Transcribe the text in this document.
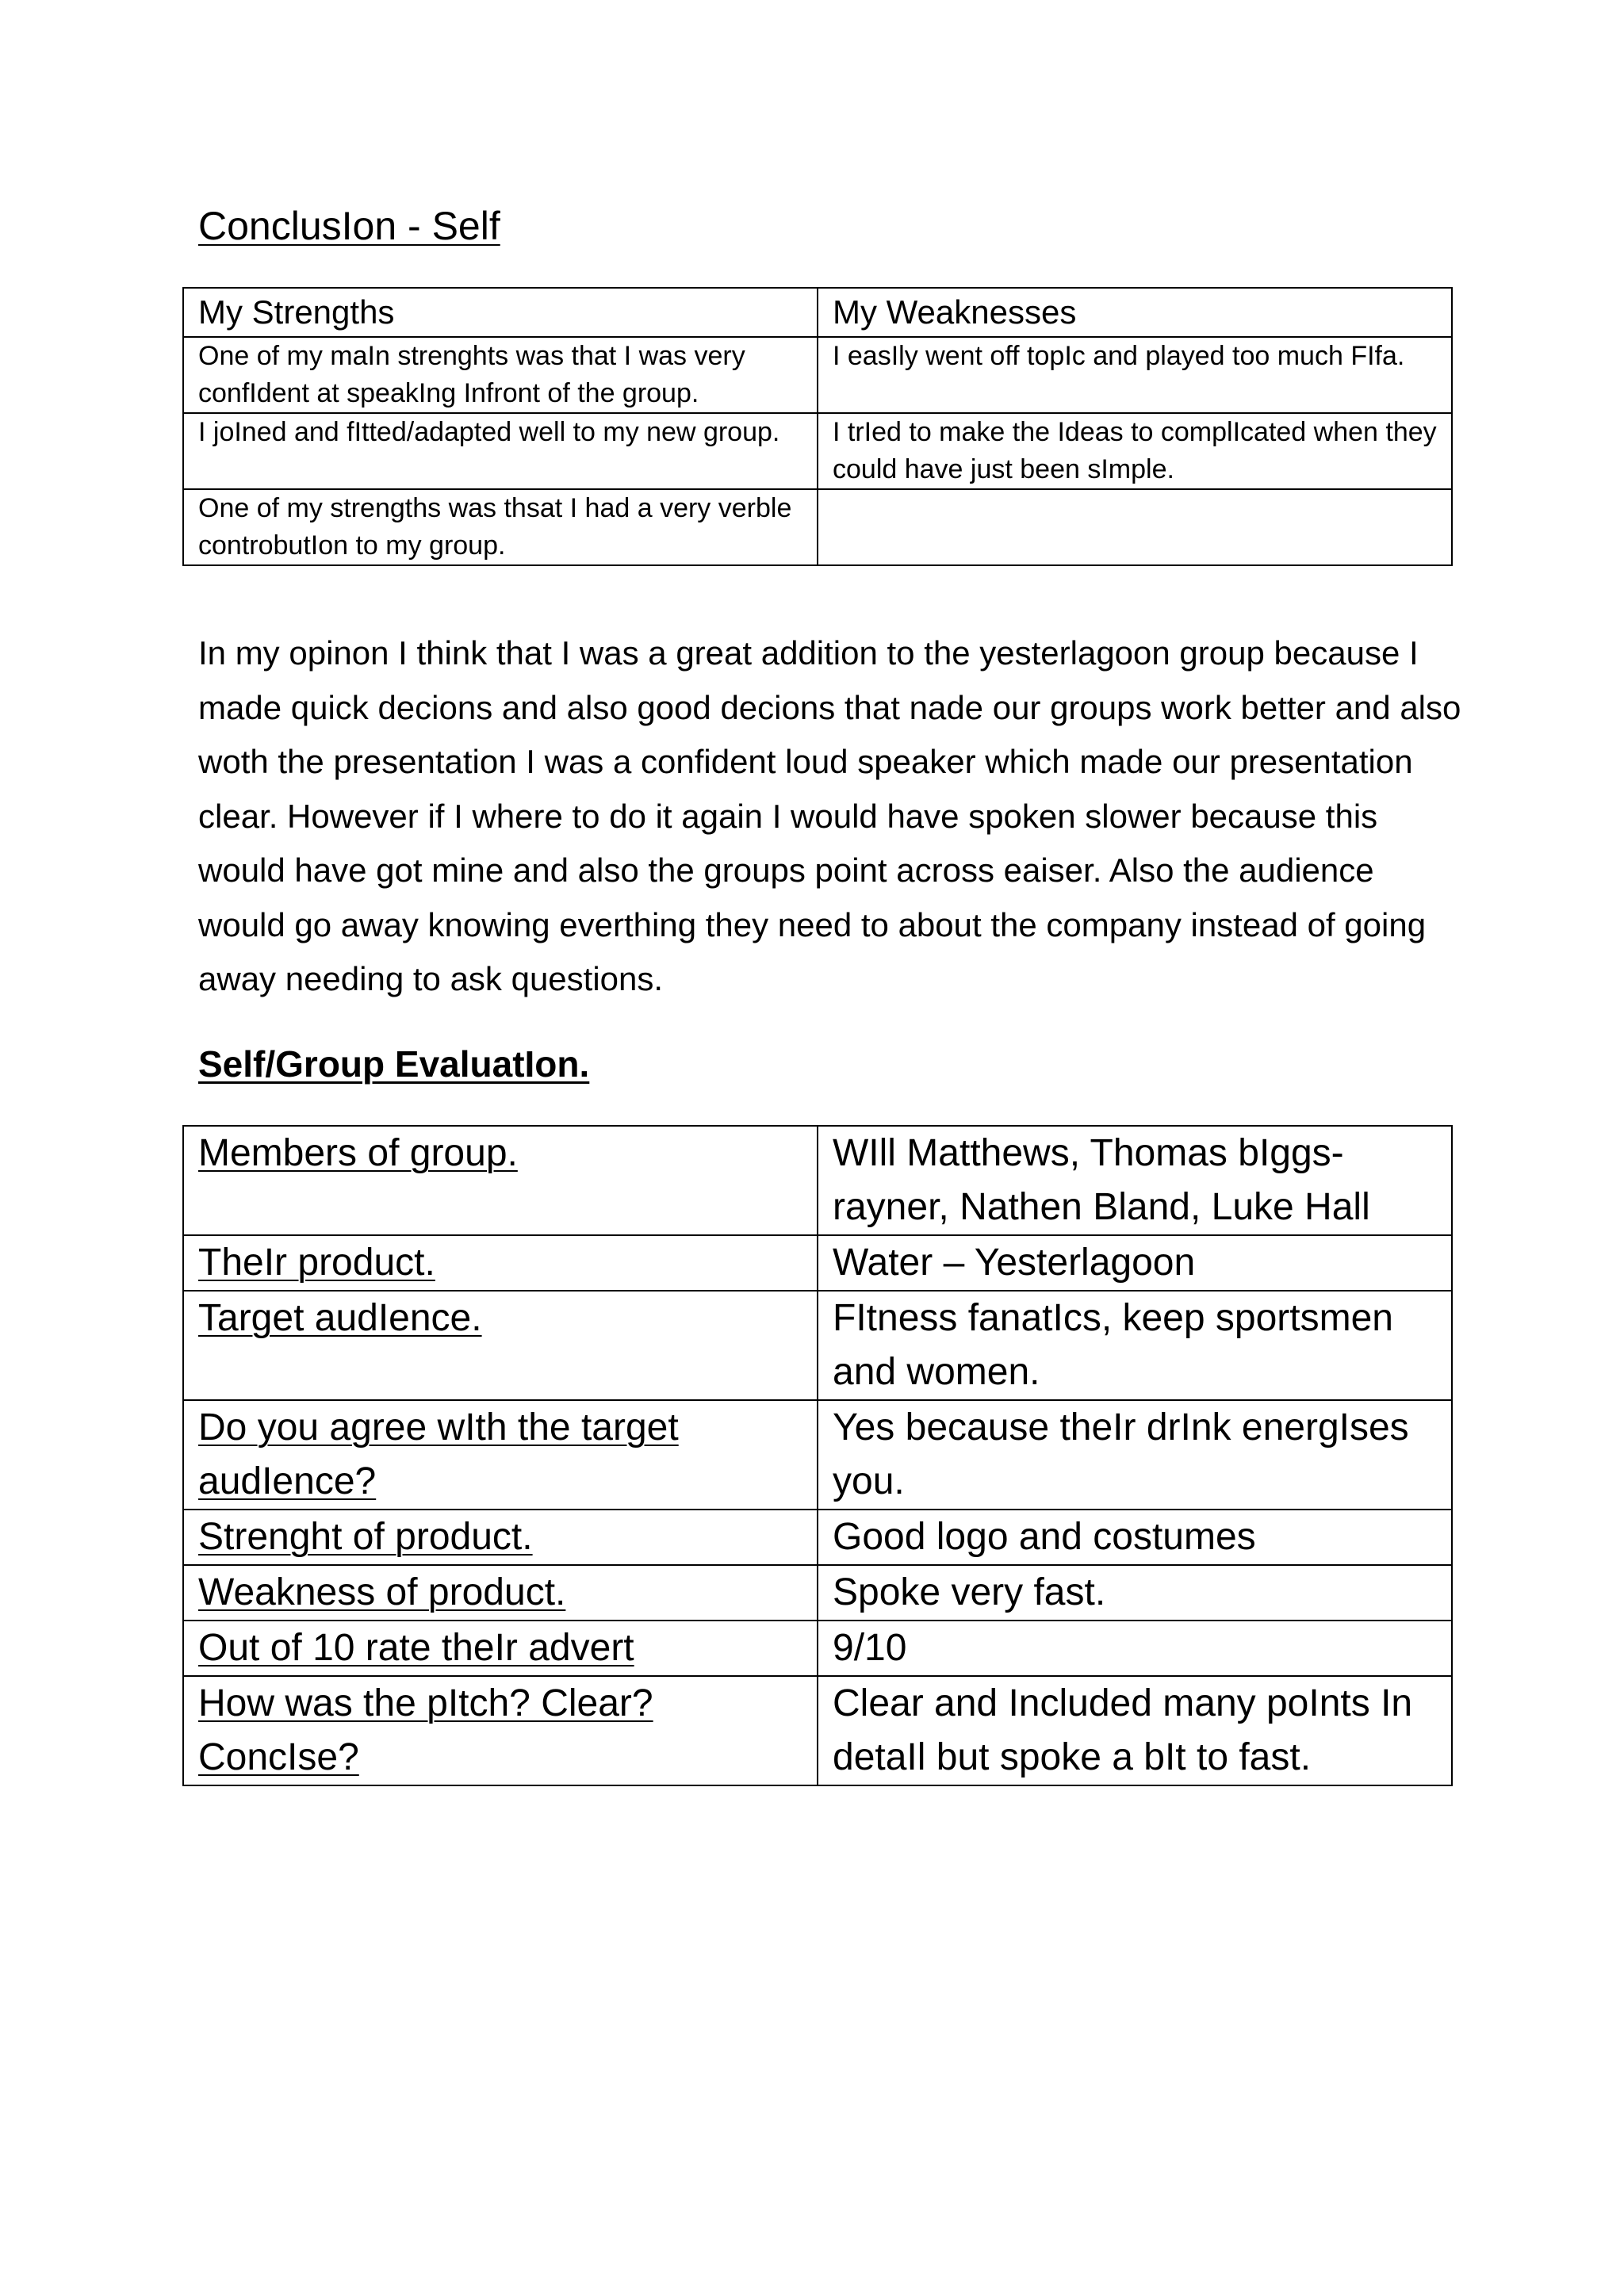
ConclusIon - Self
My Strengths	My Weaknesses
One of my maIn strenghts was that I was very confIdent at speakIng Infront of the group.	I easIly went off topIc and played too much FIfa.
I joIned and fItted/adapted well to my new group.	I trIed to make the Ideas to complIcated when they could have just been sImple.
One of my strengths was thsat I had a very verble controbutIon to my group.	
In my opinon I think that I was a great addition to the yesterlagoon group because I made quick decions and also good decions that nade our groups work better and also woth the presentation I was a confident loud speaker which made our presentation clear. However if I where to do it again I would have spoken slower because this would have got mine and also the groups point across eaiser. Also the audience would go away knowing everthing they need to about the company instead of going away needing to ask questions.
Self/Group EvaluatIon.
Members of group.	WIll Matthews, Thomas bIggs-rayner, Nathen Bland, Luke Hall
TheIr product.	Water – Yesterlagoon
Target audIence.	FItness fanatIcs, keep sportsmen and women.
Do you agree wIth the target audIence?	Yes because theIr drInk energIses you.
Strenght of product.	Good logo and costumes
Weakness of product.	Spoke very fast.
Out of 10 rate theIr advert	9/10
How was the pItch? Clear? ConcIse?	Clear and Included many poInts In detaIl but spoke a bIt to fast.
